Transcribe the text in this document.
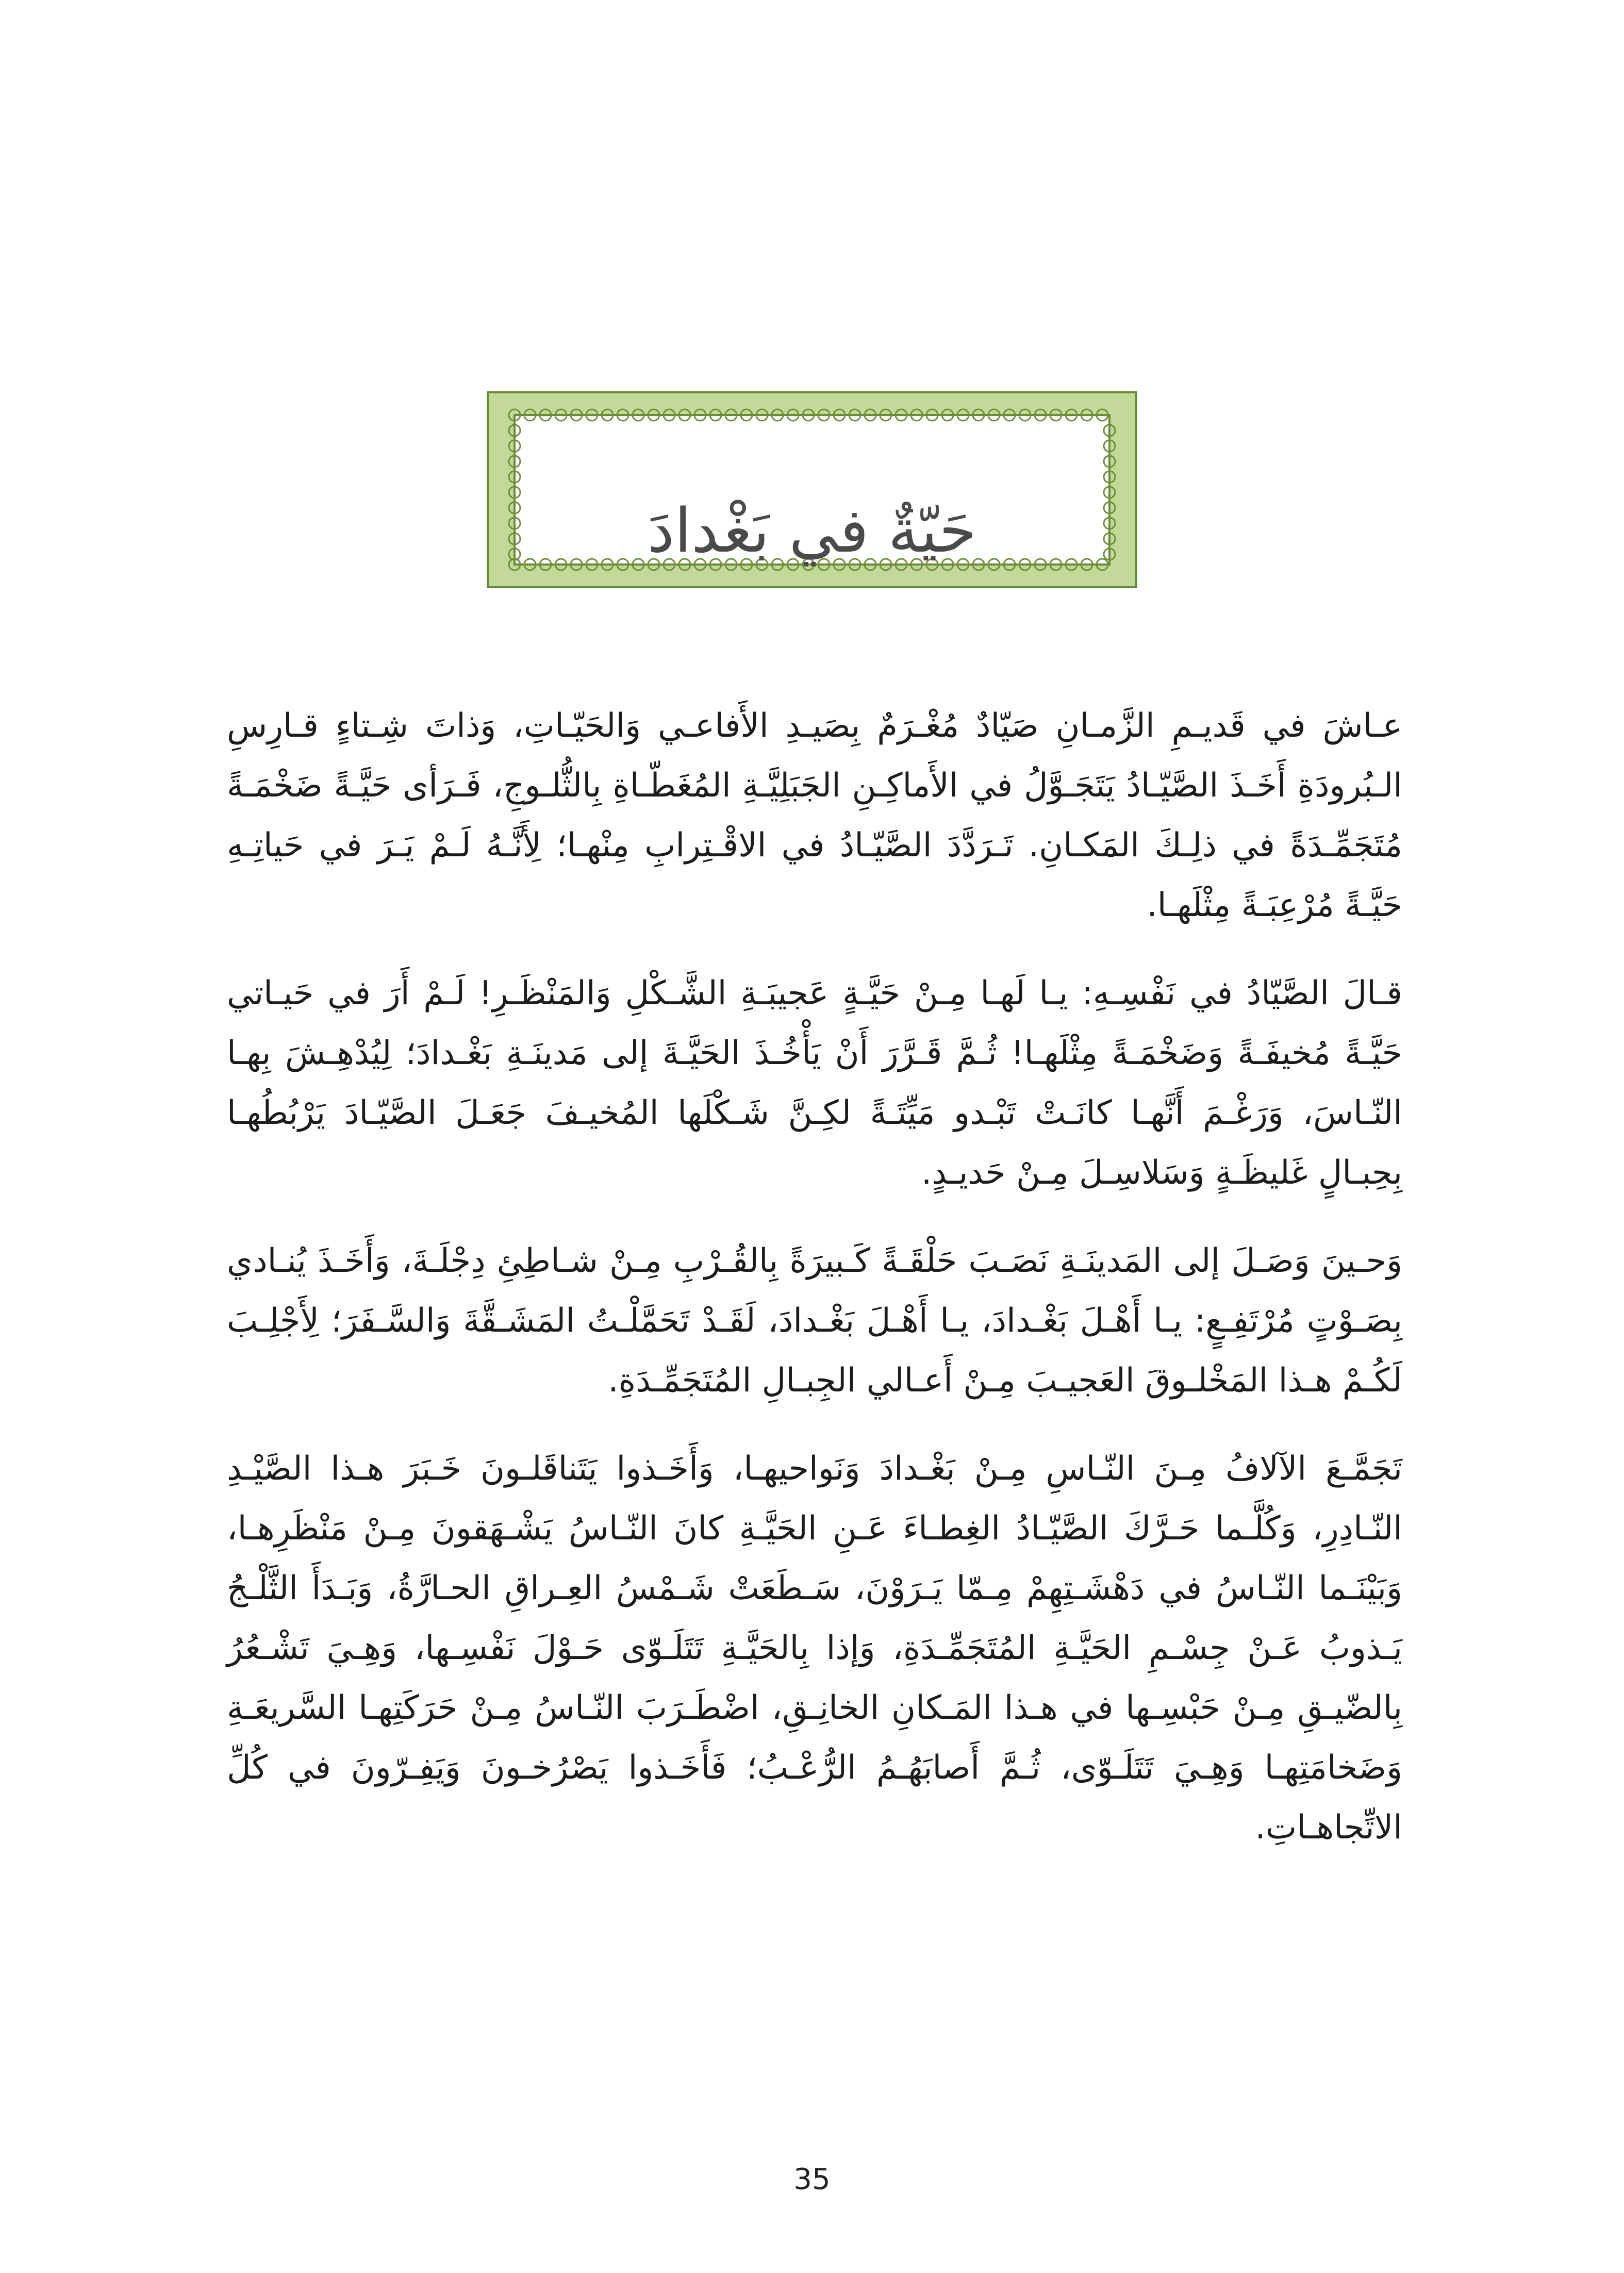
حَيّةٌ في بَغْدادَ

عـاشَ في قَديـمِ الزَّمـانِ صَيّادٌ مُغْـرَمٌ بِصَيـدِ الأَفاعـي وَالحَيّـاتِ، وَذاتَ شِـتاءٍ قـارِسِ الـبُرودَةِ أَخَـذَ الصَّيّـادُ يَتَجَـوَّلُ في الأَماكِـنِ الجَبَلِيَّـةِ المُغَطّـاةِ بِالثُّلـوجِ، فَـرَأى حَيَّـةً ضَخْمَـةً مُتَجَمِّـدَةً في ذلِـكَ المَكـانِ. تَـرَدَّدَ الصَّيّـادُ في الاقْـتِرابِ مِنْهـا؛ لِأَنَّـهُ لَـمْ يَـرَ في حَياتِـهِ حَيَّـةً مُرْعِبَـةً مِثْلَهـا.

قـالَ الصَّيّادُ في نَفْسِـهِ: يـا لَهـا مِـنْ حَيَّـةٍ عَجيبَـةِ الشَّـكْلِ وَالمَنْظَـرِ! لَـمْ أَرَ في حَيـاتي حَيَّـةً مُخيفَـةً وَضَخْمَـةً مِثْلَهـا! ثُـمَّ قَـرَّرَ أَنْ يَأْخُـذَ الحَيَّـةَ إلى مَدينَـةِ بَغْـدادَ؛ لِيُدْهِـشَ بِهـا النّـاسَ، وَرَغْـمَ أَنَّهـا كانَـتْ تَبْـدو مَيِّتَـةً لكِـنَّ شَـكْلَها المُخيـفَ جَعَـلَ الصَّيّـادَ يَرْبُطُهـا بِحِبـالٍ غَليظَـةٍ وَسَلاسِـلَ مِـنْ حَديـدٍ.

وَحـينَ وَصَـلَ إلى المَدينَـةِ نَصَـبَ حَلْقَـةً كَـبيرَةً بِالقُـرْبِ مِـنْ شـاطِئِ دِجْلَـةَ، وَأَخَـذَ يُنـادي بِصَـوْتٍ مُرْتَفِـعٍ: يـا أَهْـلَ بَغْـدادَ، يـا أَهْـلَ بَغْـدادَ، لَقَـدْ تَحَمَّلْـتُ المَشَـقَّةَ وَالسَّـفَرَ؛ لِأَجْلِـبَ لَكُـمْ هـذا المَخْلـوقَ العَجيـبَ مِـنْ أَعـالي الجِبـالِ المُتَجَمِّـدَةِ.

تَجَمَّـعَ الآلافُ مِـنَ النّـاسِ مِـنْ بَغْـدادَ وَنَواحيهـا، وَأَخَـذوا يَتَناقَلـونَ خَـبَرَ هـذا الصَّيْـدِ النّـادِرِ، وَكُلَّـما حَـرَّكَ الصَّيّـادُ الغِطـاءَ عَـنِ الحَيَّـةِ كانَ النّـاسُ يَشْـهَقونَ مِـنْ مَنْظَرِهـا، وَبَيْنَـما النّـاسُ في دَهْشَـتِهِمْ مِـمّا يَـرَوْنَ، سَـطَعَتْ شَـمْسُ العِـراقِ الحـارَّةُ، وَبَـدَأَ الثَّلْـجُ يَـذوبُ عَـنْ جِسْـمِ الحَيَّـةِ المُتَجَمِّـدَةِ، وَإذا بِالحَيَّـةِ تَتَلَـوّى حَـوْلَ نَفْسِـها، وَهِـيَ تَشْـعُرُ بِالضّيـقِ مِـنْ حَبْسِـها في هـذا المَـكانِ الخانِـقِ، اضْطَـرَبَ النّـاسُ مِـنْ حَرَكَتِهـا السَّريعَـةِ وَضَخامَتِهـا وَهِـيَ تَتَلَـوّى، ثُـمَّ أَصابَهُـمُ الرُّعْـبُ؛ فَأَخَـذوا يَصْرُخـونَ وَيَفِـرّونَ في كُلِّ الاتِّجاهـاتِ.

35
